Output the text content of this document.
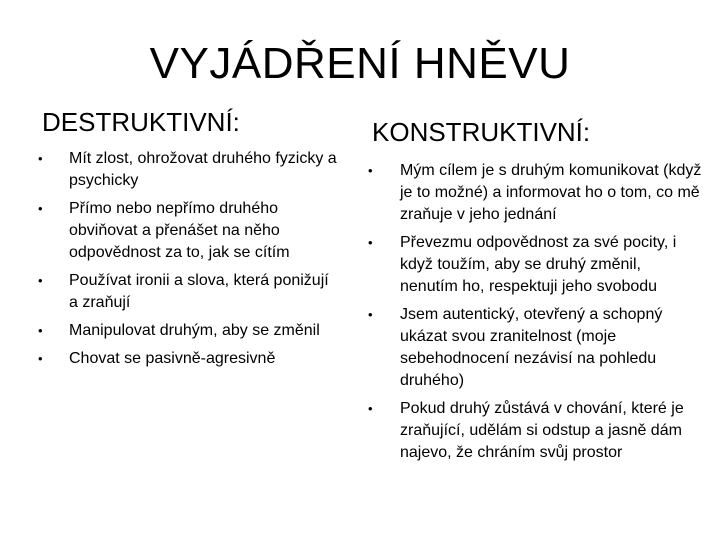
VYJÁDŘENÍ HNĚVU
DESTRUKTIVNÍ:
• Mít zlost, ohrožovat druhého fyzicky a psychicky
• Přímo nebo nepřímo druhého obviňovat a přenášet na něho odpovědnost za to, jak se cítím
• Používat ironii a slova, která ponižují a zraňují
• Manipulovat druhým, aby se změnil
• Chovat se pasivně-agresivně
KONSTRUKTIVNÍ:
• Mým cílem je s druhým komunikovat (když je to možné) a informovat ho o tom, co mě zraňuje v jeho jednání
• Převezmu odpovědnost za své pocity, i když toužím, aby se druhý změnil, nenutím ho, respektuji jeho svobodu
• Jsem autentický, otevřený a schopný ukázat svou zranitelnost (moje sebehodnocení nezávisí na pohledu druhého)
• Pokud druhý zůstává v chování, které je zraňující, udělám si odstup a jasně dám najevo, že chráním svůj prostor
